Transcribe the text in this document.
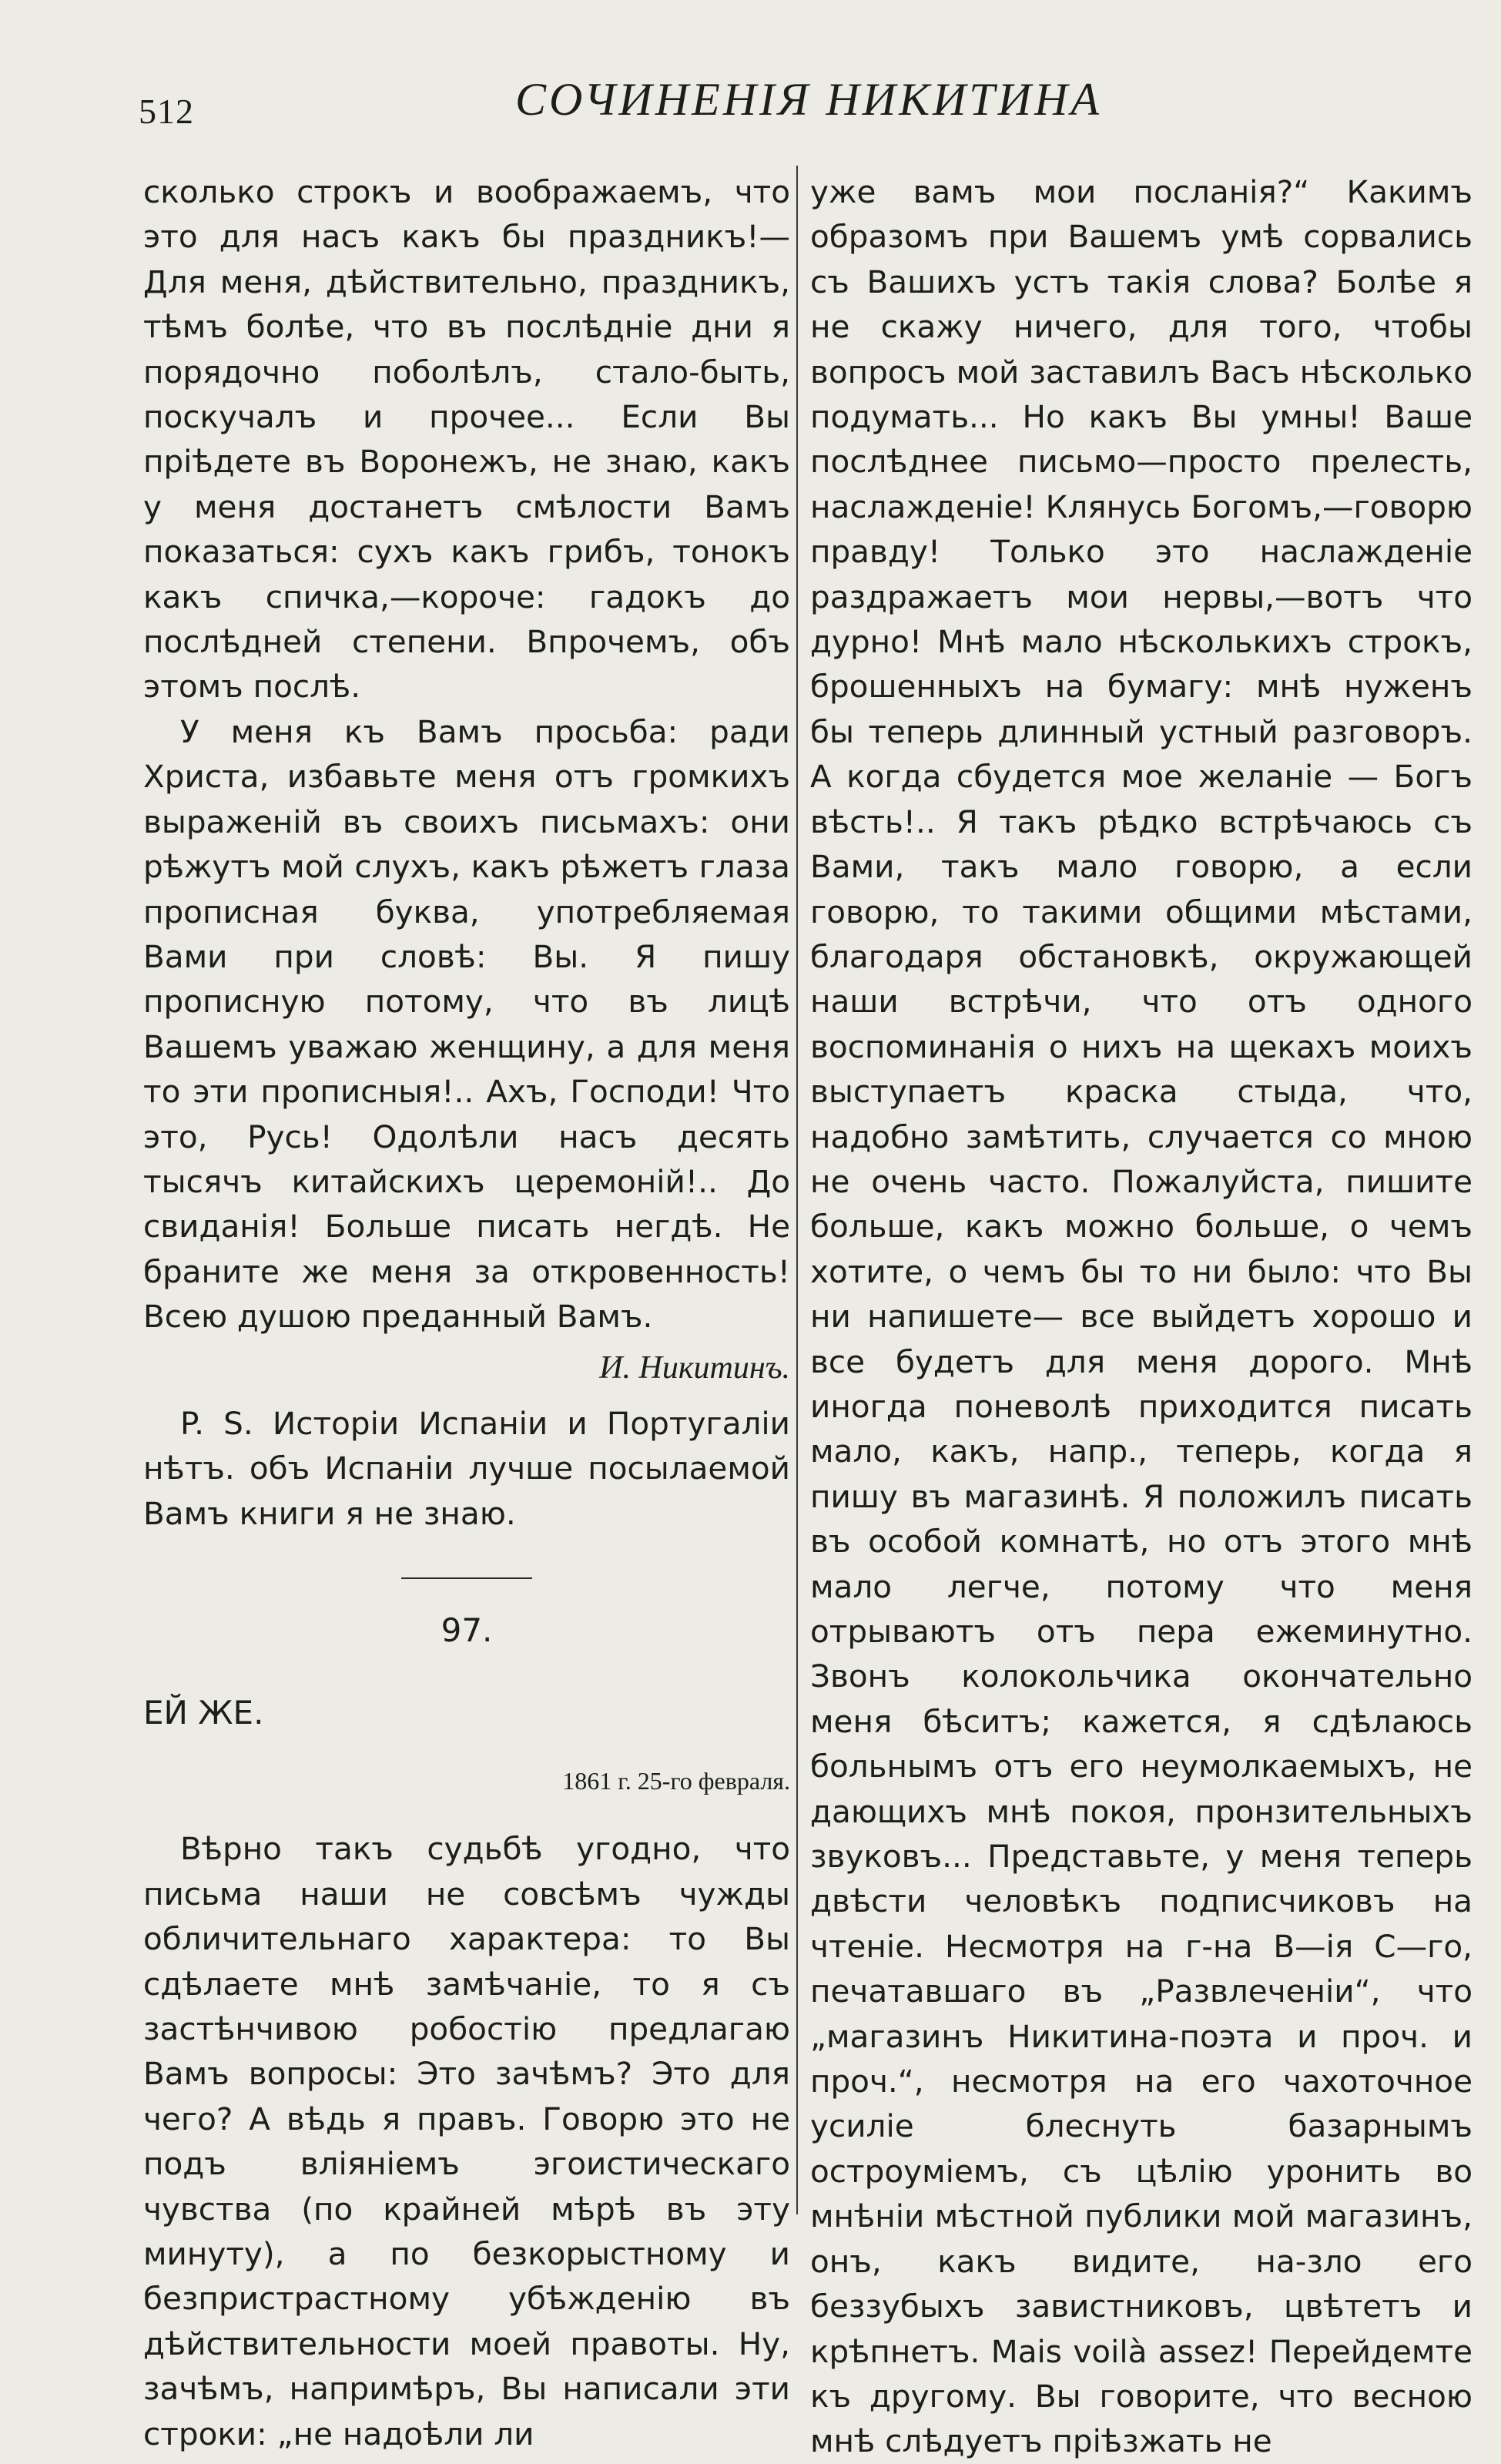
512	СОЧИНЕНІЯ НИКИТИНА

сколько строкъ и воображаемъ, что это для насъ какъ бы праздникъ!—Для меня, дѣйствительно, праздникъ, тѣмъ болѣе, что въ послѣдніе дни я порядочно поболѣлъ, стало-быть, поскучалъ и прочее... Если Вы пріѣдете въ Воронежъ, не знаю, какъ у меня достанетъ смѣлости Вамъ показаться: сухъ какъ грибъ, тонокъ какъ спичка,—короче: гадокъ до послѣдней степени. Впрочемъ, объ этомъ послѣ.

У меня къ Вамъ просьба: ради Христа, избавьте меня отъ громкихъ выраженій въ своихъ письмахъ: они рѣжутъ мой слухъ, какъ рѣжетъ глаза прописная буква, употребляемая Вами при словѣ: Вы. Я пишу прописную потому, что въ лицѣ Вашемъ уважаю женщину, а для меня то эти прописныя!.. Ахъ, Господи! Что это, Русь! Одолѣли насъ десять тысячъ китайскихъ церемоній!.. До свиданія! Больше писать негдѣ. Не браните же меня за откровенность! Всею душою преданный Вамъ.

И. Никитинъ.

P. S. Исторіи Испаніи и Португаліи нѣтъ. объ Испаніи лучше посылаемой Вамъ книги я не знаю.

97.

ЕЙ ЖЕ.

1861 г. 25-го февраля.

Вѣрно такъ судьбѣ угодно, что письма наши не совсѣмъ чужды обличительнаго характера: то Вы сдѣлаете мнѣ замѣчаніе, то я съ застѣнчивою робостію предлагаю Вамъ вопросы: Это зачѣмъ? Это для чего? А вѣдь я правъ. Говорю это не подъ вліяніемъ эгоистическаго чувства (по крайней мѣрѣ въ эту минуту), а по безкорыстному и безпристрастному убѣжденію въ дѣйствительности моей правоты. Ну, зачѣмъ, напримѣръ, Вы написали эти строки: „не надоѣли ли

уже вамъ мои посланія?“ Какимъ образомъ при Вашемъ умѣ сорвались съ Вашихъ устъ такія слова? Болѣе я не скажу ничего, для того, чтобы вопросъ мой заставилъ Васъ нѣсколько подумать... Но какъ Вы умны! Ваше послѣднее письмо—просто прелесть, наслажденіе! Клянусь Богомъ,—говорю правду! Только это наслажденіе раздражаетъ мои нервы,—вотъ что дурно! Мнѣ мало нѣсколькихъ строкъ, брошенныхъ на бумагу: мнѣ нуженъ бы теперь длинный устный разговоръ. А когда сбудется мое желаніе — Богъ вѣсть!.. Я такъ рѣдко встрѣчаюсь съ Вами, такъ мало говорю, а если говорю, то такими общими мѣстами, благодаря обстановкѣ, окружающей наши встрѣчи, что отъ одного воспоминанія о нихъ на щекахъ моихъ выступаетъ краска стыда, что, надобно замѣтить, случается со мною не очень часто. Пожалуйста, пишите больше, какъ можно больше, о чемъ хотите, о чемъ бы то ни было: что Вы ни напишете— все выйдетъ хорошо и все будетъ для меня дорого. Мнѣ иногда поневолѣ приходится писать мало, какъ, напр., теперь, когда я пишу въ магазинѣ. Я положилъ писать въ особой комнатѣ, но отъ этого мнѣ мало легче, потому что меня отрываютъ отъ пера ежеминутно. Звонъ колокольчика окончательно меня бѣситъ; кажется, я сдѣлаюсь больнымъ отъ его неумолкаемыхъ, не дающихъ мнѣ покоя, пронзительныхъ звуковъ... Представьте, у меня теперь двѣсти человѣкъ подписчиковъ на чтеніе. Несмотря на г-на В—ія С—го, печатавшаго въ „Развлеченіи“, что „магазинъ Никитина-поэта и проч. и проч.“, несмотря на его чахоточное усиліе блеснуть базарнымъ остроуміемъ, съ цѣлію уронить во мнѣніи мѣстной публики мой магазинъ, онъ, какъ видите, на-зло его беззубыхъ завистниковъ, цвѣтетъ и крѣпнетъ. Mais voilà assez! Перейдемте къ другому. Вы говорите, что весною мнѣ слѣдуетъ пріѣзжать не
